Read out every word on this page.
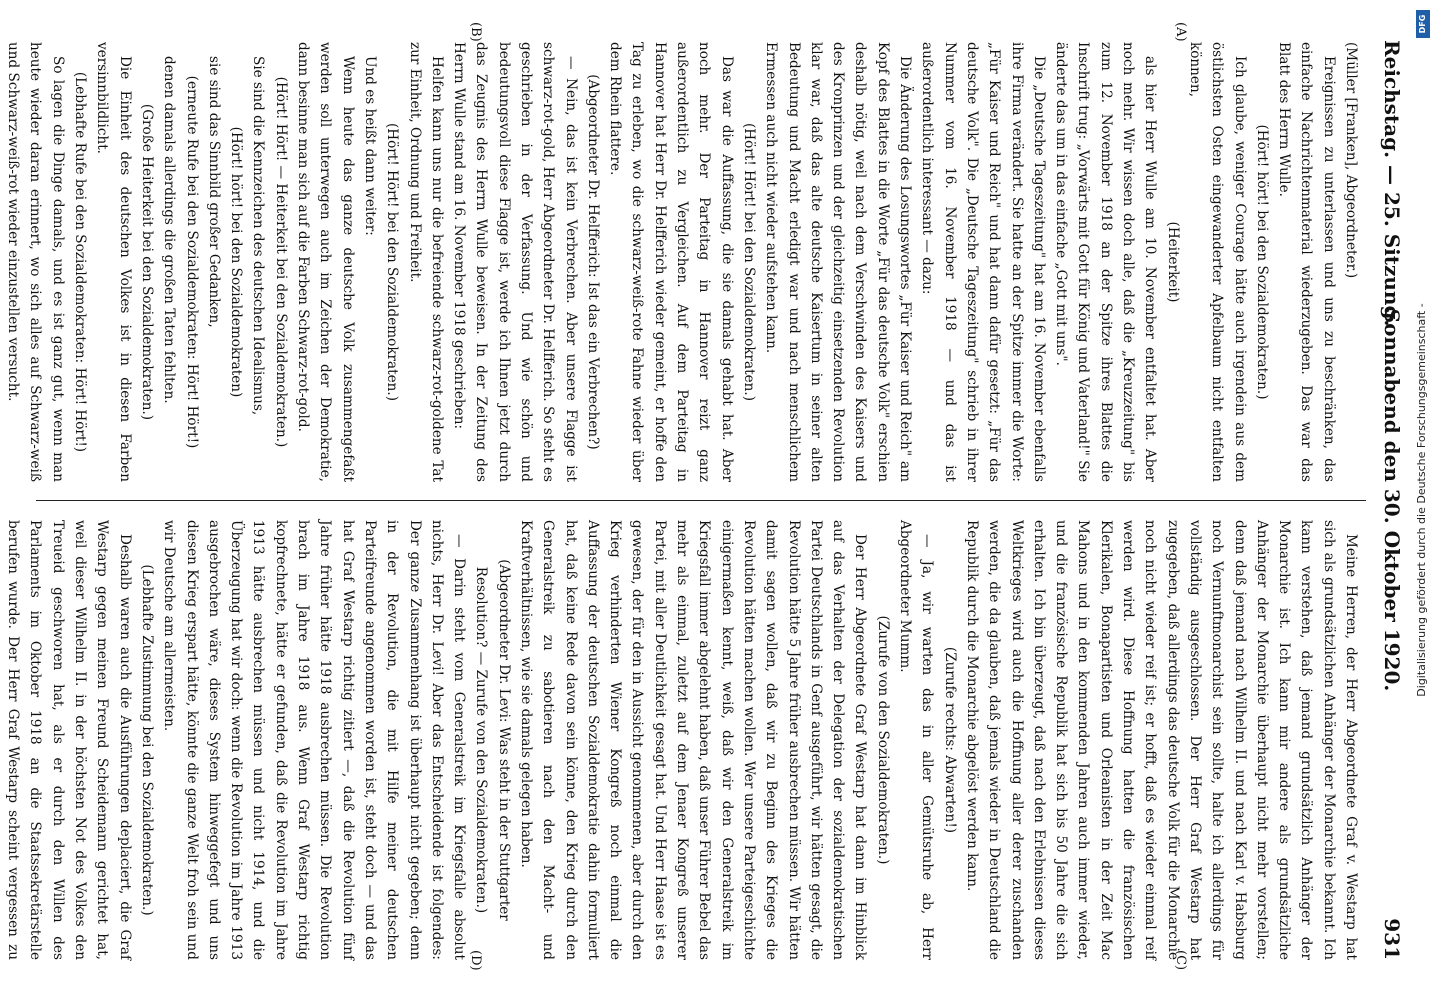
Reichstag. — 25. Sitzung.
Sonnabend den 30. Oktober 1920.
931
(A)
(B)
(C)
(D)

(Müller [Franken], Abgeordneter.)

Ereignissen zu unterlassen und uns zu beschränken, das einfache Nachrichtenmaterial wiederzugeben. Das war das Blatt des Herrn Wulle.

(Hört! hört! bei den Sozialdemokraten.)

Ich glaube, weniger Courage hätte auch irgendein aus dem östlichsten Osten eingewanderter Apfelbaum nicht entfalten können,

(Heiterkeit)

als hier Herr Wulle am 10. November entfaltet hat. Aber noch mehr. Wir wissen doch alle, daß die „Kreuzzeitung" bis zum 12. November 1918 an der Spitze ihres Blattes die Inschrift trug: „Vorwärts mit Gott für König und Vaterland!" Sie änderte das um in das einfache „Gott mit uns".

Die „Deutsche Tageszeitung" hat am 16. November ebenfalls ihre Firma verändert. Sie hatte an der Spitze immer die Worte: „Für Kaiser und Reich" und hat dann dafür gesetzt: „Für das deutsche Volk". Die „Deutsche Tageszeitung" schrieb in ihrer Nummer vom 16. November 1918 — und das ist außerordentlich interessant — dazu:

Die Änderung des Losungswortes „Für Kaiser und Reich" am Kopf des Blattes in die Worte „Für das deutsche Volk" erschien deshalb nötig, weil nach dem Verschwinden des Kaisers und des Kronprinzen und der gleichzeitig einsetzenden Revolution klar war, daß das alte deutsche Kaisertum in seiner alten Bedeutung und Macht erledigt war und nach menschlichem Ermessen auch nicht wieder aufstehen kann.

(Hört! Hört! bei den Sozialdemokraten.)

Das war die Auffassung, die sie damals gehabt hat. Aber noch mehr. Der Parteitag in Hannover reizt ganz außerordentlich zu Vergleichen. Auf dem Parteitag in Hannover hat Herr Dr. Helfferich wieder gemeint, er hoffe den Tag zu erleben, wo die schwarz-weiß-rote Fahne wieder über dem Rhein flattere.

(Abgeordneter Dr. Helfferich: Ist das ein Verbrechen?)

— Nein, das ist kein Verbrechen. Aber unsere Flagge ist schwarz-rot-gold, Herr Abgeordneter Dr. Helfferich. So steht es geschrieben in der Verfassung. Und wie schön und bedeutungsvoll diese Flagge ist, werde ich Ihnen jetzt durch das Zeugnis des Herrn Wulle beweisen. In der Zeitung des Herrn Wulle stand am 16. November 1918 geschrieben:

Helfen kann uns nur die befreiende schwarz-rot-goldene Tat zur Einheit, Ordnung und Freiheit.

(Hört! Hört! bei den Sozialdemokraten.)

Und es heißt dann weiter:

Wenn heute das ganze deutsche Volk zusammengefaßt werden soll unterwegen auch im Zeichen der Demokratie, dann besinne man sich auf die Farben Schwarz-rot-gold.

(Hört! Hört! — Heiterkeit bei den Sozialdemokraten.)

Sie sind die Kennzeichen des deutschen Idealismus,

(Hört! hört! bei den Sozialdemokraten)

sie sind das Sinnbild großer Gedanken,

(erneute Rufe bei den Sozialdemokraten: Hört! Hört!)

denen damals allerdings die großen Taten fehlten.

(Große Heiterkeit bei den Sozialdemokraten.)

Die Einheit des deutschen Volkes ist in diesen Farben versinnbildlicht.

(Lebhafte Rufe bei den Sozialdemokraten: Hört! Hört!)

So lagen die Dinge damals, und es ist ganz gut, wenn man heute wieder daran erinnert, wo sich alles auf Schwarz-weiß und Schwarz-weiß-rot wieder einzustellen versucht.

Meine Herren, der Herr Abgeordnete Graf v. Westarp hat sich als grundsätzlichen Anhänger der Monarchie bekannt. Ich kann verstehen, daß jemand grundsätzlich Anhänger der Monarchie ist. Ich kann mir andere als grundsätzliche Anhänger der Monarchie überhaupt nicht mehr vorstellen; denn daß jemand nach Wilhelm II. und nach Karl v. Habsburg noch Vernunftmonarchist sein sollte, halte ich allerdings für vollständig ausgeschlossen. Der Herr Graf Westarp hat zugegeben, daß allerdings das deutsche Volk für die Monarchie noch nicht wieder reif ist; er hofft, daß es wieder einmal reif werden wird. Diese Hoffnung hatten die französischen Klerikalen, Bonapartisten und Orleanisten in der Zeit Mac Mahons und in den kommenden Jahren auch immer wieder, und die französische Republik hat sich bis 50 Jahre die sich erhalten. Ich bin überzeugt, daß nach den Erlebnissen dieses Weltkrieges wird auch die Hoffnung aller derer zuschanden werden, die da glauben, daß jemals wieder in Deutschland die Republik durch die Monarchie abgelöst werden kann.

(Zurufe rechts: Abwarten!)

— Ja, wir warten das in aller Gemütsruhe ab, Herr Abgeordneter Mumm.

(Zurufe von den Sozialdemokraten.)

Der Herr Abgeordnete Graf Westarp hat dann im Hinblick auf das Verhalten der Delegation der sozialdemokratischen Partei Deutschlands in Genf ausgeführt, wir hätten gesagt, die Revolution hätte 5 Jahre früher ausbrechen müssen. Wir hätten damit sagen wollen, daß wir zu Beginn des Krieges die Revolution hätten machen wollen. Wer unsere Parteigeschichte einigermaßen kennt, weiß, daß wir den Generalstreik im Kriegsfall immer abgelehnt haben, daß unser Führer Bebel das mehr als einmal, zuletzt auf dem Jenaer Kongreß unserer Partei, mit aller Deutlichkeit gesagt hat. Und Herr Haase ist es gewesen, der für den in Aussicht genommenen, aber durch den Krieg verhinderten Wiener Kongreß noch einmal die Auffassung der deutschen Sozialdemokratie dahin formuliert hat, daß keine Rede davon sein könne, den Krieg durch den Generalstreik zu sabotieren nach den Macht- und Kraftverhältnissen, wie sie damals gelegen haben.

(Abgeordneter Dr. Levi: Was steht in der Stuttgarter Resolution? — Zurufe von den Sozialdemokraten.)

— Darin steht vom Generalstreik im Kriegsfalle absolut nichts, Herr Dr. Levi! Aber das Entscheidende ist folgendes: Der ganze Zusammenhang ist überhaupt nicht gegeben; denn in der Revolution, die mit Hilfe meiner deutschen Parteifreunde angenommen worden ist, steht doch — und das hat Graf Westarp richtig zitiert —, daß die Revolution fünf Jahre früher hätte 1918 ausbrechen müssen. Die Revolution brach im Jahre 1918 aus. Wenn Graf Westarp richtig kopfrechnete, hätte er gefunden, daß die Revolution im Jahre 1913 hätte ausbrechen müssen und nicht 1914, und die Überzeugung hat wir doch: wenn die Revolution im Jahre 1913 ausgebrochen wäre, dieses System hinweggefegt und uns diesen Krieg erspart hätte, könnte die ganze Welt froh sein und wir Deutsche am allermeisten.

(Lebhafte Zustimmung bei den Sozialdemokraten.)

Deshalb waren auch die Ausführungen deplaciert, die Graf Westarp gegen meinen Freund Scheidemann gerichtet hat, weil dieser Wilhelm II. in der höchsten Not des Volkes den Treueid geschworen hat, als er durch den Willen des Parlaments im Oktober 1918 an die Staatssekretärstelle berufen wurde. Der Herr Graf Westarp scheint vergessen zu

DFG
Digitalisierung gefördert durch die Deutsche Forschungsgemeinschaft -
